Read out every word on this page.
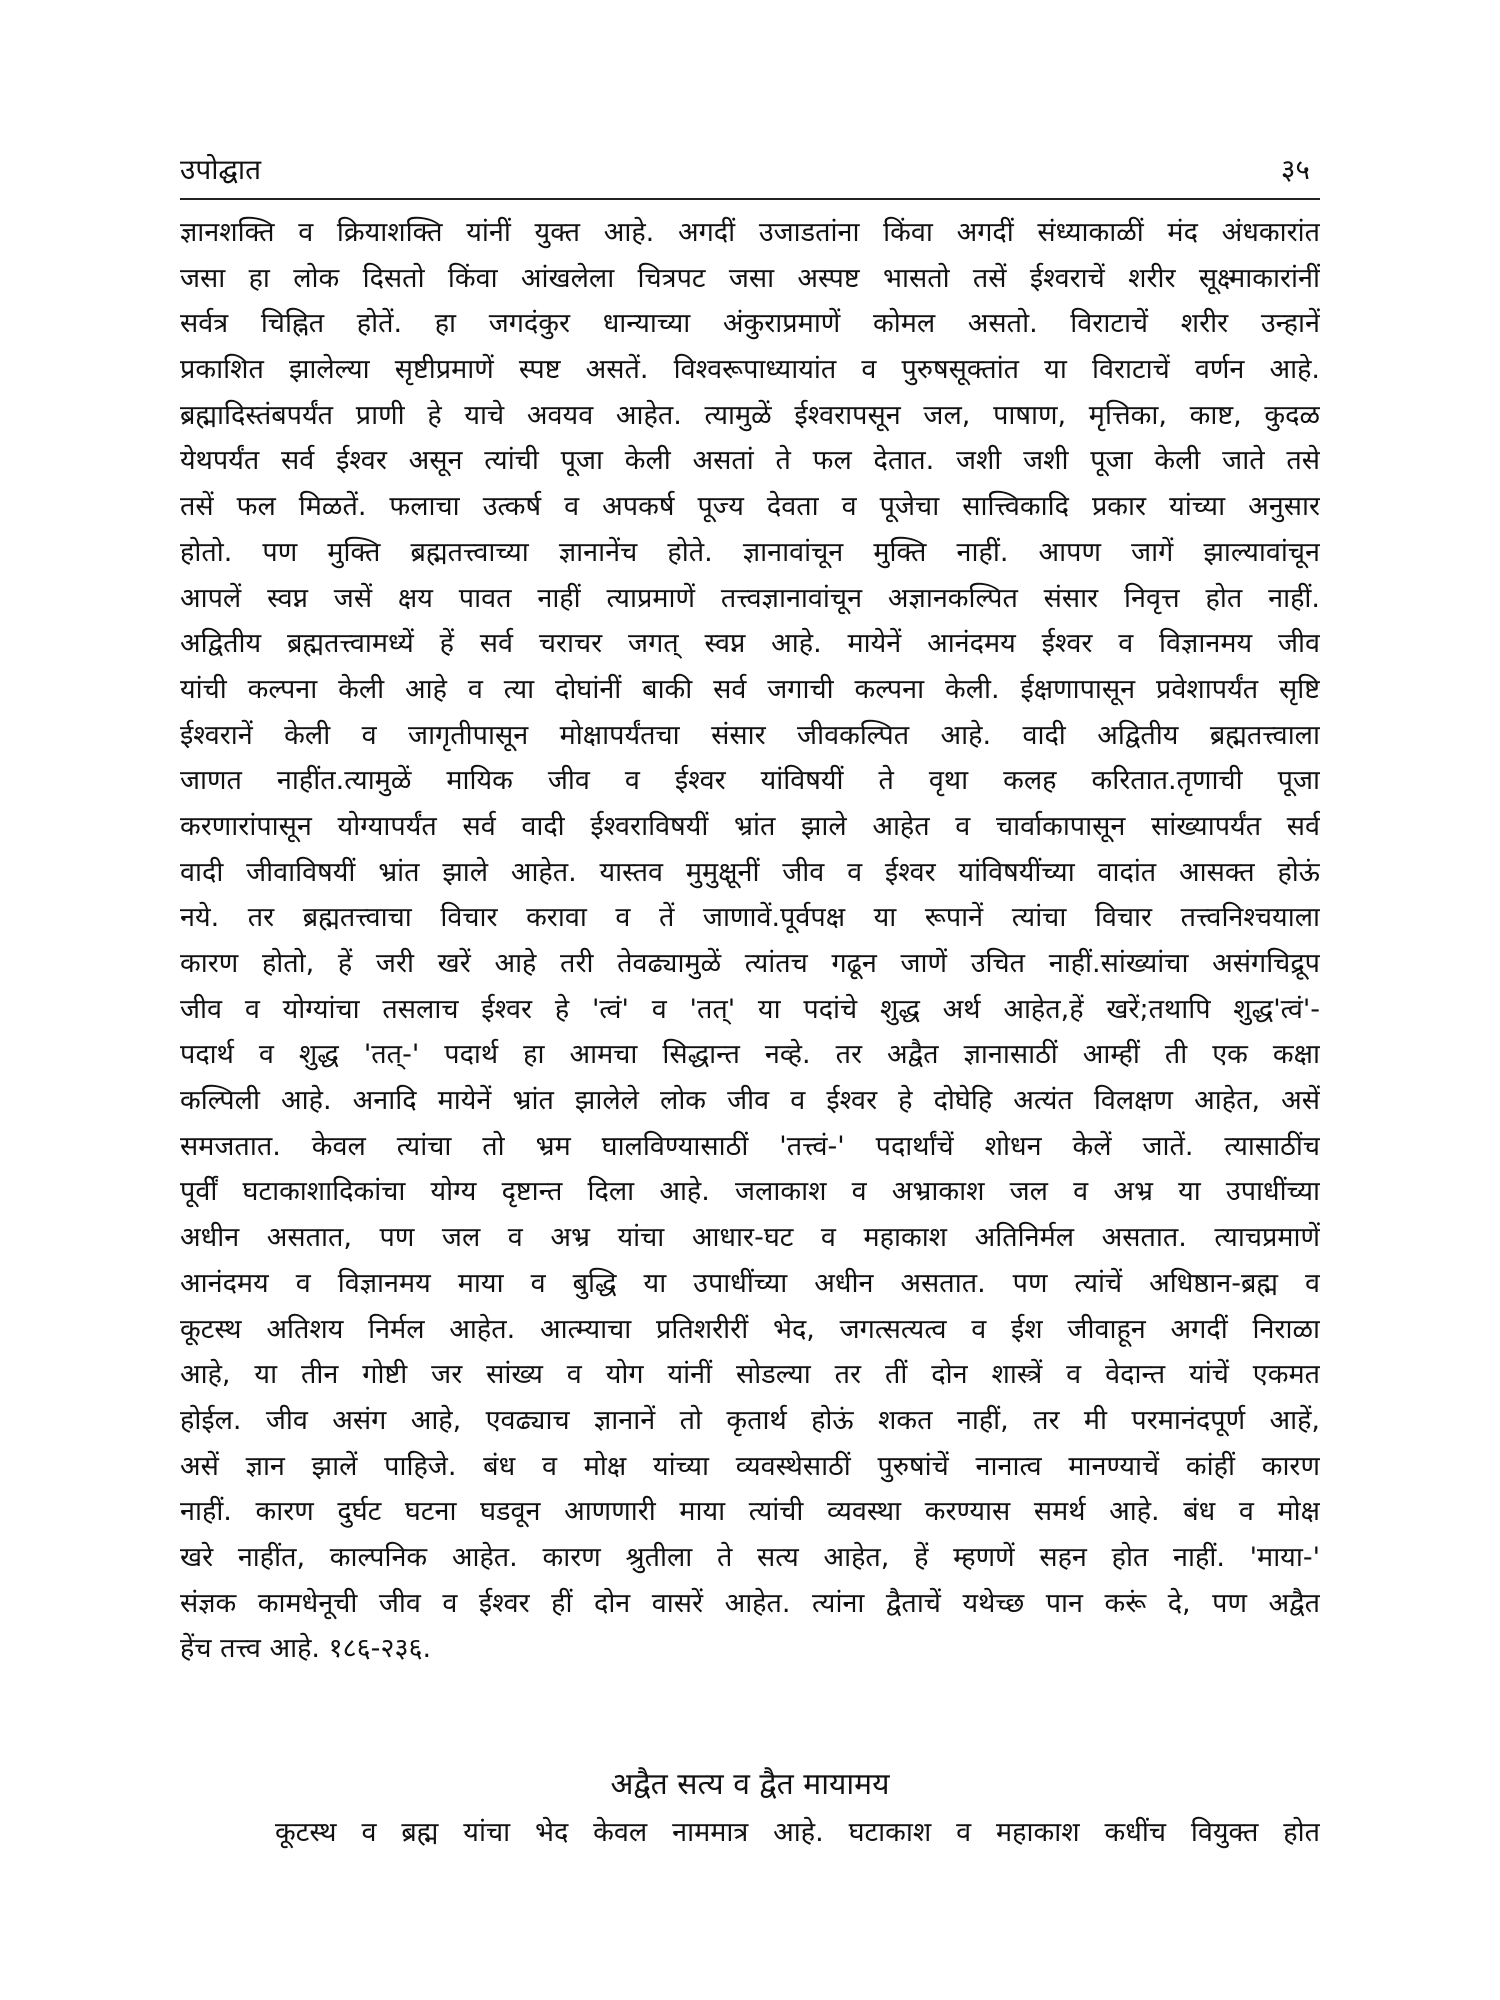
उपोद्घात	३५
ज्ञानशक्ति व क्रियाशक्ति यांनीं युक्त आहे. अगदीं उजाडतांना किंवा अगदीं संध्याकाळीं मंद अंधकारांत
जसा हा लोक दिसतो किंवा आंखलेला चित्रपट जसा अस्पष्ट भासतो तसें ईश्वराचें शरीर सूक्ष्माकारांनीं
सर्वत्र चिह्नित होतें. हा जगदंकुर धान्याच्या अंकुराप्रमाणें कोमल असतो. विराटाचें शरीर उन्हानें
प्रकाशित झालेल्या सृष्टीप्रमाणें स्पष्ट असतें. विश्वरूपाध्यायांत व पुरुषसूक्तांत या विराटाचें वर्णन आहे.
ब्रह्मादिस्तंबपर्यंत प्राणी हे याचे अवयव आहेत. त्यामुळें ईश्वरापसून जल, पाषाण, मृत्तिका, काष्ट, कुदळ
येथपर्यंत सर्व ईश्वर असून त्यांची पूजा केली असतां ते फल देतात. जशी जशी पूजा केली जाते तसे
तसें फल मिळतें. फलाचा उत्कर्ष व अपकर्ष पूज्य देवता व पूजेचा सात्त्विकादि प्रकार यांच्या अनुसार
होतो. पण मुक्ति ब्रह्मतत्त्वाच्या ज्ञानानेंच होते. ज्ञानावांचून मुक्ति नाहीं. आपण जागें झाल्यावांचून
आपलें स्वप्न जसें क्षय पावत नाहीं त्याप्रमाणें तत्त्वज्ञानावांचून अज्ञानकल्पित संसार निवृत्त होत नाहीं.
अद्वितीय ब्रह्मतत्त्वामध्यें हें सर्व चराचर जगत् स्वप्न आहे. मायेनें आनंदमय ईश्वर व विज्ञानमय जीव
यांची कल्पना केली आहे व त्या दोघांनीं बाकी सर्व जगाची कल्पना केली. ईक्षणापासून प्रवेशापर्यंत सृष्टि
ईश्वरानें केली व जागृतीपासून मोक्षापर्यंतचा संसार जीवकल्पित आहे. वादी अद्वितीय ब्रह्मतत्त्वाला
जाणत नाहींत.त्यामुळें मायिक जीव व ईश्वर यांविषयीं ते वृथा कलह करितात.तृणाची पूजा
करणारांपासून योग्यापर्यंत सर्व वादी ईश्वराविषयीं भ्रांत झाले आहेत व चार्वाकापासून सांख्यापर्यंत सर्व
वादी जीवाविषयीं भ्रांत झाले आहेत. यास्तव मुमुक्षूनीं जीव व ईश्वर यांविषयींच्या वादांत आसक्त होऊं
नये. तर ब्रह्मतत्त्वाचा विचार करावा व तें जाणावें.पूर्वपक्ष या रूपानें त्यांचा विचार तत्त्वनिश्चयाला
कारण होतो, हें जरी खरें आहे तरी तेवढ्यामुळें त्यांतच गढून जाणें उचित नाहीं.सांख्यांचा असंगचिद्रूप
जीव व योग्यांचा तसलाच ईश्वर हे 'त्वं' व 'तत्' या पदांचे शुद्ध अर्थ आहेत,हें खरें;तथापि शुद्ध'त्वं'-
पदार्थ व शुद्ध 'तत्-' पदार्थ हा आमचा सिद्धान्त नव्हे. तर अद्वैत ज्ञानासाठीं आम्हीं ती एक कक्षा
कल्पिली आहे. अनादि मायेनें भ्रांत झालेले लोक जीव व ईश्वर हे दोघेहि अत्यंत विलक्षण आहेत, असें
समजतात. केवल त्यांचा तो भ्रम घालविण्यासाठीं 'तत्त्वं-' पदार्थांचें शोधन केलें जातें. त्यासाठींच
पूर्वीं घटाकाशादिकांचा योग्य दृष्टान्त दिला आहे. जलाकाश व अभ्राकाश जल व अभ्र या उपाधींच्या
अधीन असतात, पण जल व अभ्र यांचा आधार-घट व महाकाश अतिनिर्मल असतात. त्याचप्रमाणें
आनंदमय व विज्ञानमय माया व बुद्धि या उपाधींच्या अधीन असतात. पण त्यांचें अधिष्ठान-ब्रह्म व
कूटस्थ अतिशय निर्मल आहेत. आत्म्याचा प्रतिशरीरीं भेद, जगत्सत्यत्व व ईश जीवाहून अगदीं निराळा
आहे, या तीन गोष्टी जर सांख्य व योग यांनीं सोडल्या तर तीं दोन शास्त्रें व वेदान्त यांचें एकमत
होईल. जीव असंग आहे, एवढ्याच ज्ञानानें तो कृतार्थ होऊं शकत नाहीं, तर मी परमानंदपूर्ण आहें,
असें ज्ञान झालें पाहिजे. बंध व मोक्ष यांच्या व्यवस्थेसाठीं पुरुषांचें नानात्व मानण्याचें कांहीं कारण
नाहीं. कारण दुर्घट घटना घडवून आणणारी माया त्यांची व्यवस्था करण्यास समर्थ आहे. बंध व मोक्ष
खरे नाहींत, काल्पनिक आहेत. कारण श्रुतीला ते सत्य आहेत, हें म्हणणें सहन होत नाहीं. 'माया-'
संज्ञक कामधेनूची जीव व ईश्वर हीं दोन वासरें आहेत. त्यांना द्वैताचें यथेच्छ पान करूं दे, पण अद्वैत
हेंच तत्त्व आहे. १८६-२३६.
अद्वैत सत्य व द्वैत मायामय
कूटस्थ व ब्रह्म यांचा भेद केवल नाममात्र आहे. घटाकाश व महाकाश कधींच वियुक्त होत
